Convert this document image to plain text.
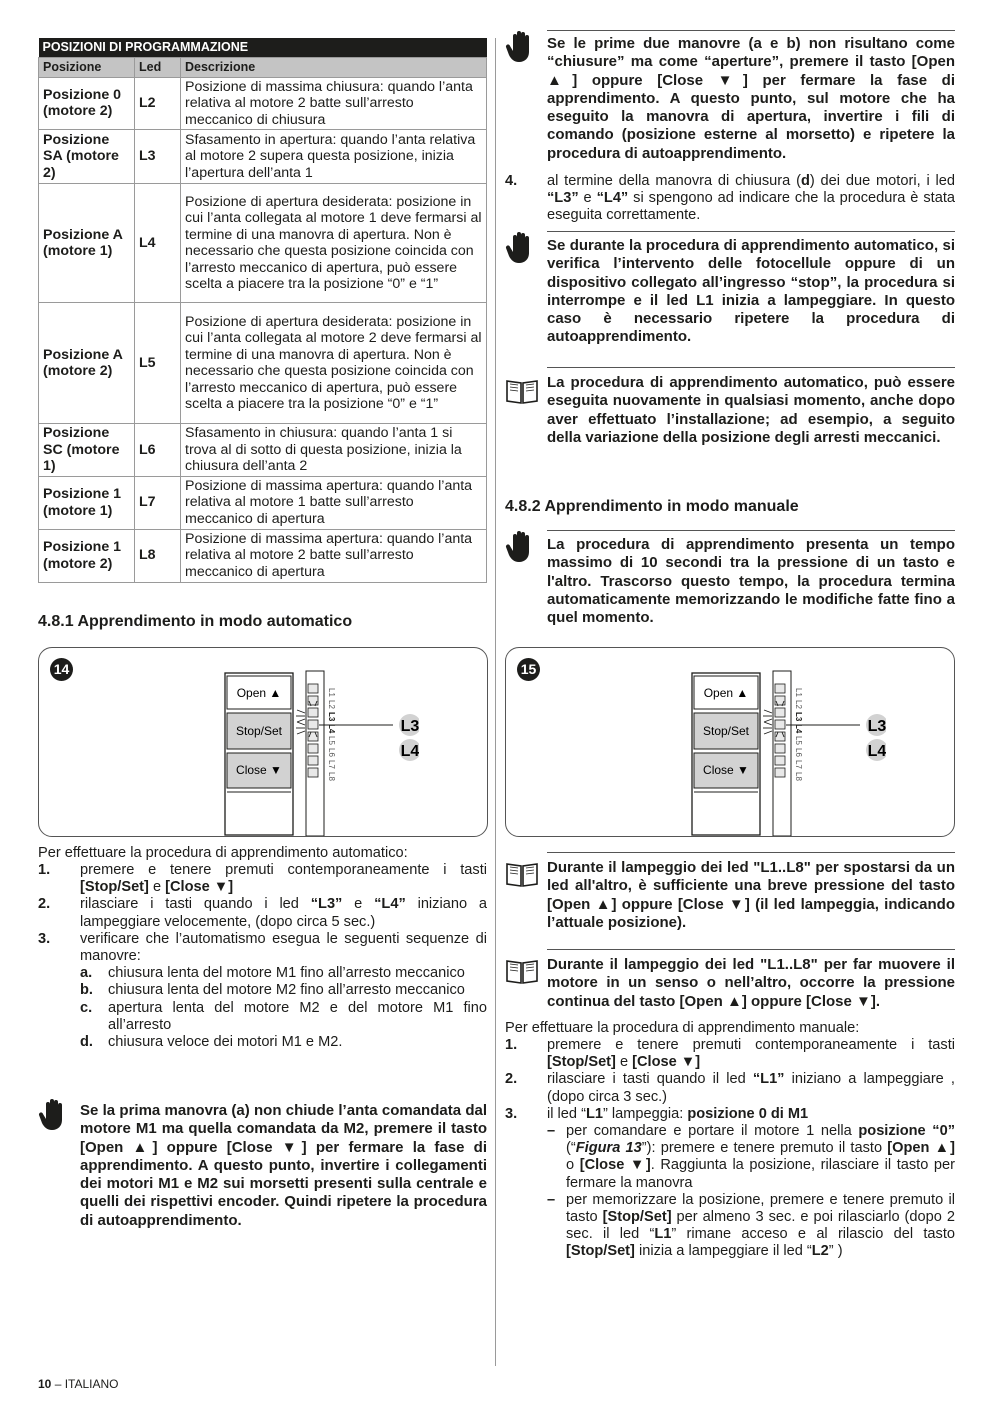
POSIZIONI DI PROGRAMMAZIONE		
Posizione	Led	Descrizione
Posizione 0 (motore 2)	L2	Posizione di massima chiusura: quando l’anta relativa al motore 2 batte sull’arresto meccanico di chiusura
Posizione SA (motore 2)	L3	Sfasamento in apertura: quando l’anta relativa al motore 2 supera questa posizione, inizia l’apertura dell’anta 1
Posizione A (motore 1)	L4	Posizione di apertura desiderata: posizione in cui l’anta collegata al motore 1 deve fermarsi al termine di una manovra di apertura. Non è necessario che questa posizione coincida con l’arresto meccanico di apertura, può essere scelta a piacere tra la posizione “0” e “1”
Posizione A (motore 2)	L5	Posizione di apertura desiderata: posizione in cui l’anta collegata al motore 2 deve fermarsi al termine di una manovra di apertura. Non è necessario che questa posizione coincida con l’arresto meccanico di apertura, può essere scelta a piacere tra la posizione “0” e “1”
Posizione SC (motore 1)	L6	Sfasamento in chiusura: quando l’anta 1 si trova al di sotto di questa posizione, inizia la chiusura dell’anta 2
Posizione 1 (motore 1)	L7	Posizione di massima apertura: quando l’anta relativa al motore 1 batte sull’arresto meccanico di apertura
Posizione 1 (motore 2)	L8	Posizione di massima apertura: quando l’anta relativa al motore 2 batte sull’arresto meccanico di apertura
4.8.1 Apprendimento in modo automatico
14
Open ▲
Stop/Set
Close ▼
L1
L2
L3
L4
L5
L6
L7
L8
L3
L4
Per effettuare la procedura di apprendimento automatico:
1. premere e tenere premuti contemporaneamente i tasti [Stop/Set] e [Close ▼]
2. rilasciare i tasti quando i led “L3” e “L4” iniziano a lampeggiare velocemente, (dopo circa 5 sec.)
3. verificare che l’automatismo esegua le seguenti sequenze di manovre:
a. chiusura lenta del motore M1 fino all’arresto meccanico
b. chiusura lenta del motore M2 fino all’arresto meccanico
c. apertura lenta del motore M2 e del motore M1 fino all’arresto
d. chiusura veloce dei motori M1 e M2.
Se la prima manovra (a) non chiude l’anta comandata dal motore M1 ma quella comandata da M2, premere il tasto [Open ▲] oppure [Close ▼] per fermare la fase di apprendimento. A questo punto, invertire i collegamenti dei motori M1 e M2 sui morsetti presenti sulla centrale e quelli dei rispettivi encoder. Quindi ripetere la procedura di autoapprendimento.
Se le prime due manovre (a e b) non risultano come “chiusure” ma come “aperture”, premere il tasto [Open ▲] oppure [Close ▼] per fermare la fase di apprendimento. A questo punto, sul motore che ha eseguito la manovra di apertura, invertire i fili di comando (posizione esterne al morsetto) e ripetere la procedura di autoapprendimento.
4. al termine della manovra di chiusura (d) dei due motori, i led “L3” e “L4” si spengono ad indicare che la procedura è stata eseguita correttamente.
Se durante la procedura di apprendimento automatico, si verifica l’intervento delle fotocellule oppure di un dispositivo collegato all’ingresso “stop”, la procedura si interrompe e il led L1 inizia a lampeggiare. In questo caso è necessario ripetere la procedura di autoapprendimento.
La procedura di apprendimento automatico, può essere eseguita nuovamente in qualsiasi momento, anche dopo aver effettuato l’installazione; ad esempio, a seguito della variazione della posizione degli arresti meccanici.
4.8.2 Apprendimento in modo manuale
La procedura di apprendimento presenta un tempo massimo di 10 secondi tra la pressione di un tasto e l'altro. Trascorso questo tempo, la procedura termina automaticamente memorizzando le modifiche fatte fino a quel momento.
15
Open ▲
Stop/Set
Close ▼
L1
L2
L3
L4
L5
L6
L7
L8
L3
L4
Durante il lampeggio dei led "L1..L8" per spostarsi da un led all'altro, è sufficiente una breve pressione del tasto [Open ▲] oppure [Close ▼] (il led lampeggia, indicando l’attuale posizione).
Durante il lampeggio dei led "L1..L8" per far muovere il motore in un senso o nell’altro, occorre la pressione continua del tasto [Open ▲] oppure [Close ▼].
Per effettuare la procedura di apprendimento manuale:
1. premere e tenere premuti contemporaneamente i tasti [Stop/Set] e [Close ▼]
2. rilasciare i tasti quando il led “L1” iniziano a lampeggiare , (dopo circa 3 sec.)
3. il led “L1” lampeggia: posizione 0 di M1
– per comandare e portare il motore 1 nella posizione “0” (“Figura 13”): premere e tenere premuto il tasto [Open ▲] o [Close ▼]. Raggiunta la posizione, rilasciare il tasto per fermare la manovra
– per memorizzare la posizione, premere e tenere premuto il tasto [Stop/Set] per almeno 3 sec. e poi rilasciarlo (dopo 2 sec. il led “L1” rimane acceso e al rilascio del tasto [Stop/Set] inizia a lampeggiare il led “L2” )
10 – ITALIANO
